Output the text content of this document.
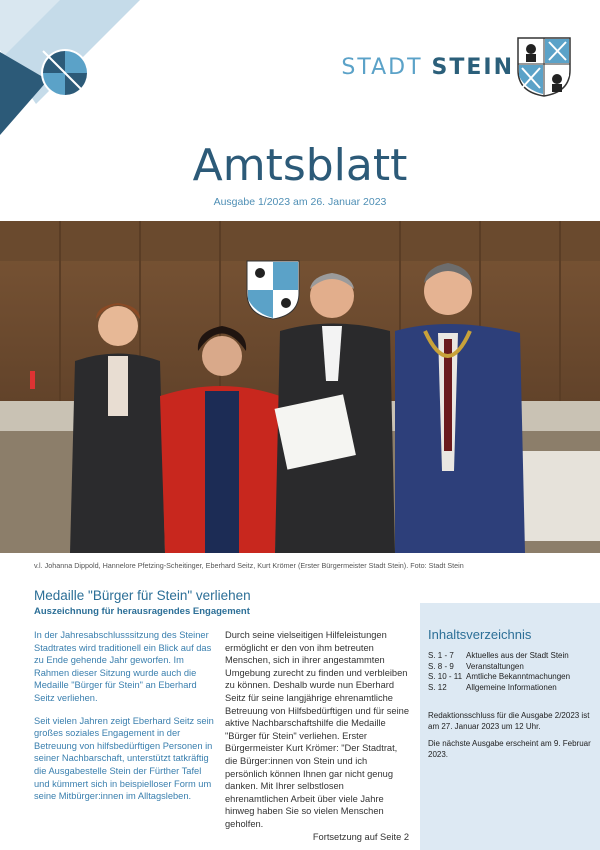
STADT STEIN
Amtsblatt
Ausgabe 1/2023 am 26. Januar 2023
v.l. Johanna Dippold, Hannelore Pfetzing-Scheitinger, Eberhard Seitz, Kurt Krömer (Erster Bürgermeister Stadt Stein). Foto: Stadt Stein
Medaille "Bürger für Stein" verliehen
Auszeichnung für herausragendes Engagement

In der Jahresabschlusssitzung des Steiner Stadtrates wird traditionell ein Blick auf das zu Ende gehende Jahr geworfen. Im Rahmen dieser Sitzung wurde auch die Medaille "Bürger für Stein" an Eberhard Seitz verliehen.

Seit vielen Jahren zeigt Eberhard Seitz sein großes soziales Engagement in der Betreuung von hilfsbedürftigen Personen in seiner Nachbarschaft, unterstützt tatkräftig die Ausgabestelle Stein der Fürther Tafel und kümmert sich in beispielloser Form um seine Mitbürger:innen im Alltagsleben.

Durch seine vielseitigen Hilfeleistungen ermöglicht er den von ihm betreuten Menschen, sich in ihrer angestammten Umgebung zurecht zu finden und verbleiben zu können. Deshalb wurde nun Eberhard Seitz für seine langjährige ehrenamtliche Betreuung von Hilfsbedürftigen und für seine aktive Nachbarschaftshilfe die Medaille "Bürger für Stein" verliehen. Erster Bürgermeister Kurt Krömer: "Der Stadtrat, die Bürger:innen von Stein und ich persönlich können Ihnen gar nicht genug danken. Mit Ihrer selbstlosen ehrenamtlichen Arbeit über viele Jahre hinweg haben Sie so vielen Menschen geholfen.

Fortsetzung auf Seite 2
Inhaltsverzeichnis
S. 1 - 7	Aktuelles aus der Stadt Stein
S. 8 - 9	Veranstaltungen
S. 10 - 11 Amtliche Bekanntmachungen
S. 12	Allgemeine Informationen
Redaktionsschluss für die Ausgabe 2/2023 ist am 27. Januar 2023 um 12 Uhr.
Die nächste Ausgabe erscheint am 9. Februar 2023.
